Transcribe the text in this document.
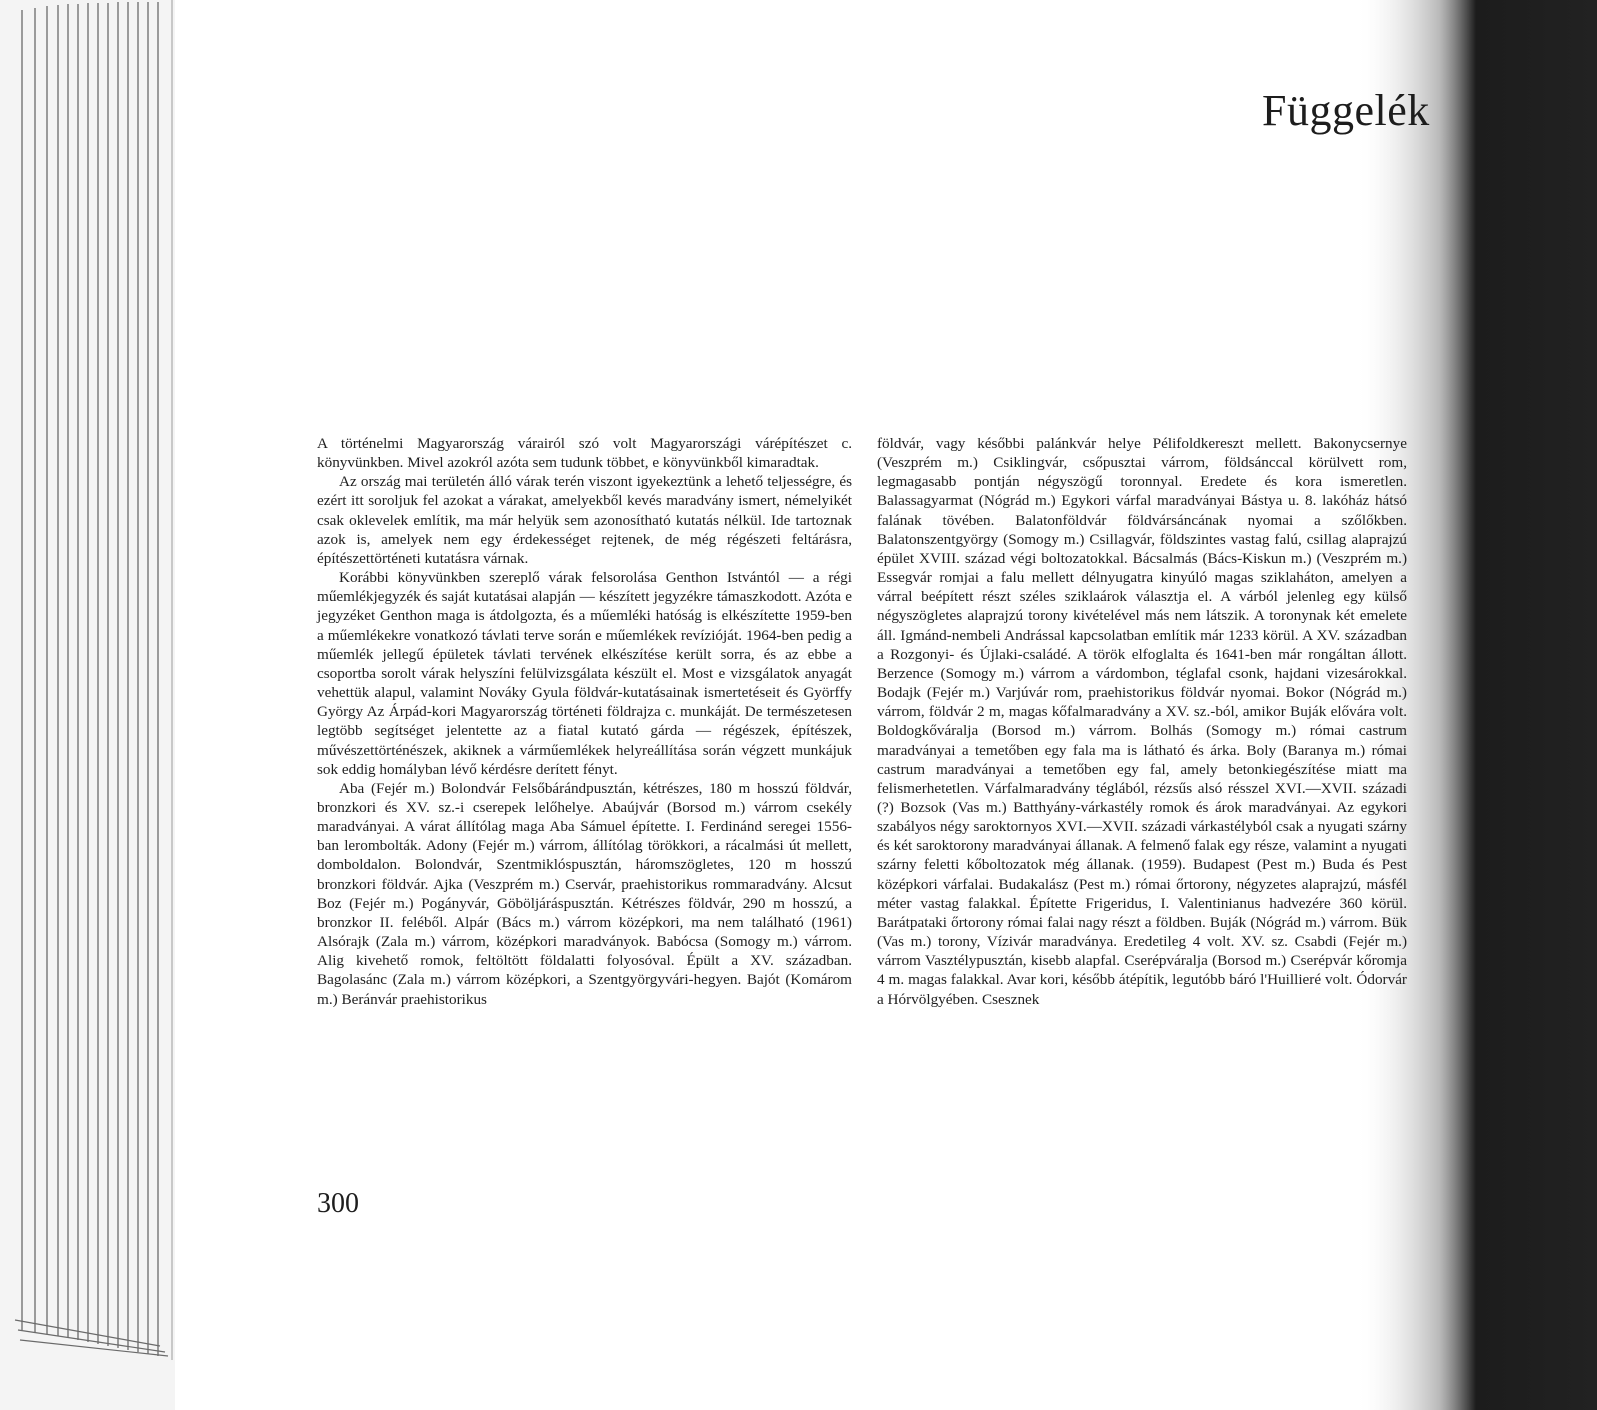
Függelék

A történelmi Magyarország várairól szó volt Magyarországi várépítészet c. könyvünkben. Mivel azokról azóta sem tudunk többet, e könyvünkből kimaradtak.

Az ország mai területén álló várak terén viszont igyekeztünk a lehető teljességre, és ezért itt soroljuk fel azokat a várakat, amelyekből kevés maradvány ismert, némelyikét csak oklevelek említik, ma már helyük sem azonosítható kutatás nélkül. Ide tartoznak azok is, amelyek nem egy érdekességet rejtenek, de még régészeti feltárásra, építészettörténeti kutatásra várnak.

Korábbi könyvünkben szereplő várak felsorolása Genthon Istvántól — a régi műemlékjegyzék és saját kutatásai alapján — készített jegyzékre támaszkodott. Azóta e jegyzéket Genthon maga is átdolgozta, és a műemléki hatóság is elkészítette 1959-ben a műemlékekre vonatkozó távlati terve során e műemlékek revízióját. 1964-ben pedig a műemlék jellegű épületek távlati tervének elkészítése került sorra, és az ebbe a csoportba sorolt várak helyszíni felülvizsgálata készült el. Most e vizsgálatok anyagát vehettük alapul, valamint Nováky Gyula földvár-kutatásainak ismertetéseit és Györffy György Az Árpád-kori Magyarország történeti földrajza c. munkáját. De természetesen legtöbb segítséget jelentette az a fiatal kutató gárda — régészek, építészek, művészettörténészek, akiknek a várműemlékek helyreállítása során végzett munkájuk sok eddig homályban lévő kérdésre derített fényt.

Aba (Fejér m.) Bolondvár Felsőbárándpusztán, kétrészes, 180 m hosszú földvár, bronzkori és XV. sz.-i cserepek lelőhelye. Abaújvár (Borsod m.) várrom csekély maradványai. A várat állítólag maga Aba Sámuel építette. I. Ferdinánd seregei 1556-ban lerombolták. Adony (Fejér m.) várrom, állítólag törökkori, a rácalmási út mellett, domboldalon. Bolondvár, Szentmiklóspusztán, háromszögletes, 120 m hosszú bronzkori földvár. Ajka (Veszprém m.) Cservár, praehistorikus rommaradvány. Alcsut Boz (Fejér m.) Pogányvár, Göböljáráspusztán. Kétrészes földvár, 290 m hosszú, a bronzkor II. feléből. Alpár (Bács m.) várrom középkori, ma nem található (1961) Alsórajk (Zala m.) várrom, középkori maradványok. Babócsa (Somogy m.) várrom. Alig kivehető romok, feltöltött földalatti folyosóval. Épült a XV. században. Bagolasánc (Zala m.) várrom középkori, a Szentgyörgyvári-hegyen. Bajót (Komárom m.) Beránvár praehistorikus

földvár, vagy későbbi palánkvár helye Pélifoldkereszt mellett. Bakonycsernye (Veszprém m.) Csiklingvár, csőpusztai várrom, földsánccal körülvett rom, legmagasabb pontján négyszögű toronnyal. Eredete és kora ismeretlen. Balassagyarmat (Nógrád m.) Egykori várfal maradványai Bástya u. 8. lakóház hátsó falának tövében. Balatonföldvár földvársáncának nyomai a szőlőkben. Balatonszentgyörgy (Somogy m.) Csillagvár, földszintes vastag falú, csillag alaprajzú épület XVIII. század végi boltozatokkal. Bácsalmás (Bács-Kiskun m.) (Veszprém m.) Essegvár romjai a falu mellett délnyugatra kinyúló magas sziklaháton, amelyen a várral beépített részt széles sziklaárok választja el. A várból jelenleg egy külső négyszögletes alaprajzú torony kivételével más nem látszik. A toronynak két emelete áll. Igmánd-nembeli Andrással kapcsolatban említik már 1233 körül. A XV. században a Rozgonyi- és Újlaki-családé. A török elfoglalta és 1641-ben már rongáltan állott. Berzence (Somogy m.) várrom a várdombon, téglafal csonk, hajdani vizesárokkal. Bodajk (Fejér m.) Varjúvár rom, praehistorikus földvár nyomai. Bokor (Nógrád m.) várrom, földvár 2 m, magas kőfalmaradvány a XV. sz.-ból, amikor Buják elővára volt. Boldogkőváralja (Borsod m.) várrom. Bolhás (Somogy m.) római castrum maradványai a temetőben egy fala ma is látható és árka. Boly (Baranya m.) római castrum maradványai a temetőben egy fal, amely betonkiegészítése miatt ma felismerhetetlen. Várfalmaradvány téglából, rézsűs alsó résszel XVI.—XVII. századi (?) Bozsok (Vas m.) Batthyány-várkastély romok és árok maradványai. Az egykori szabályos négy saroktornyos XVI.—XVII. századi várkastélyból csak a nyugati szárny és két saroktorony maradványai állanak. A felmenő falak egy része, valamint a nyugati szárny feletti kőboltozatok még állanak. (1959). Budapest (Pest m.) Buda és Pest középkori várfalai. Budakalász (Pest m.) római őrtorony, négyzetes alaprajzú, másfél méter vastag falakkal. Építette Frigeridus, I. Valentinianus hadvezére 360 körül. Barátpataki őrtorony római falai nagy részt a földben. Buják (Nógrád m.) várrom. Bük (Vas m.) torony, Vízivár maradványa. Eredetileg 4 volt. XV. sz. Csabdi (Fejér m.) várrom Vasztélypusztán, kisebb alapfal. Cserépváralja (Borsod m.) Cserépvár kőromja 4 m. magas falakkal. Avar kori, később átépítik, legutóbb báró l'Huillieré volt. Ódorvár a Hórvölgyében. Csesznek

300
